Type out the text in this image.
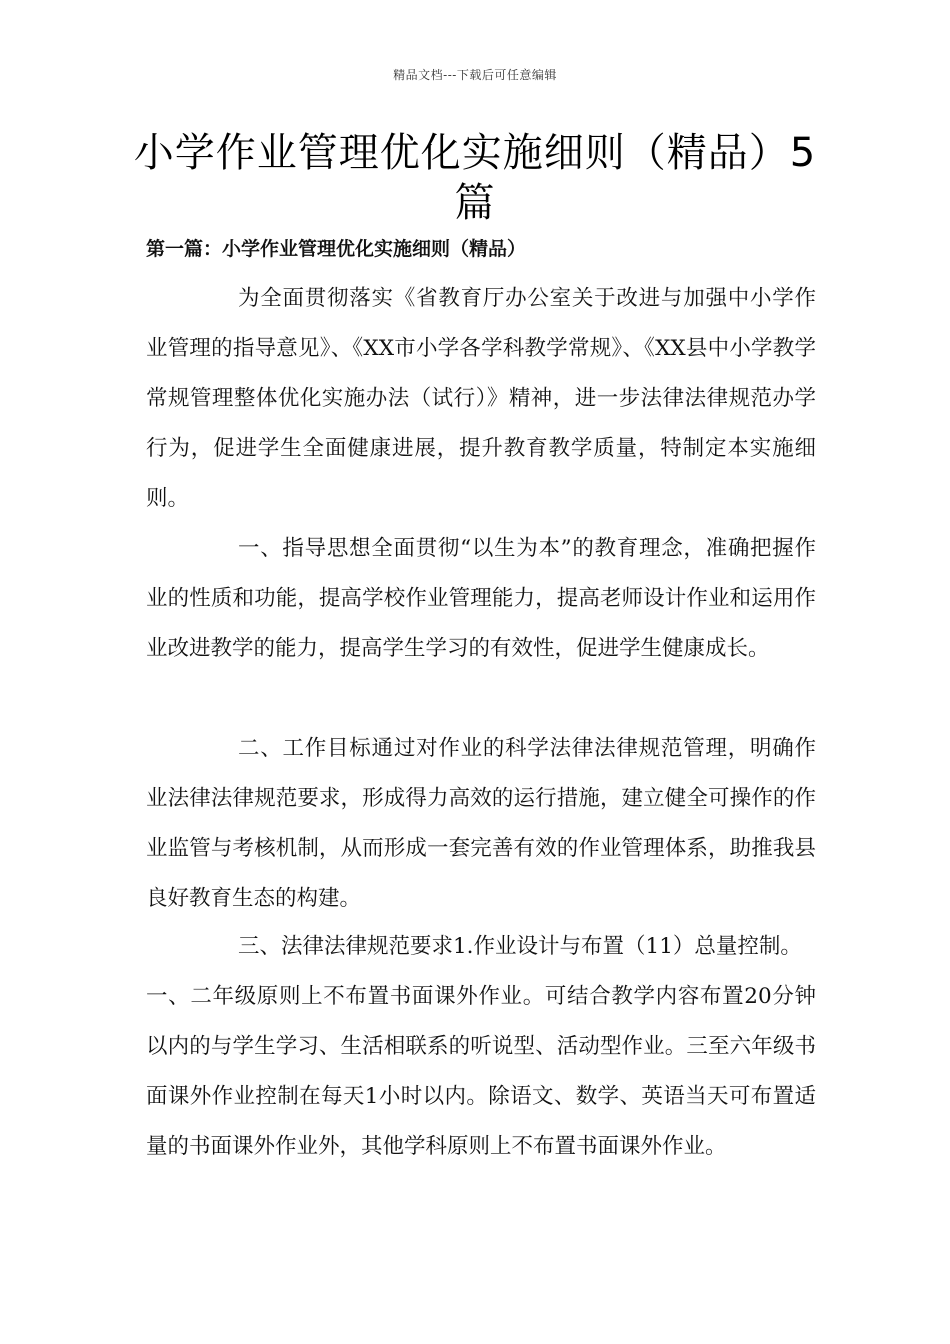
精品文档---下载后可任意编辑
小学作业管理优化实施细则（精品）5篇
第一篇：小学作业管理优化实施细则（精品）

为全面贯彻落实《省教育厅办公室关于改进与加强中小学作业管理的指导意见》、《XX市小学各学科教学常规》、《XX县中小学教学常规管理整体优化实施办法（试行）》精神，进一步法律法律规范办学行为，促进学生全面健康进展，提升教育教学质量，特制定本实施细则。

一、指导思想全面贯彻“以生为本”的教育理念，准确把握作业的性质和功能，提高学校作业管理能力，提高老师设计作业和运用作业改进教学的能力，提高学生学习的有效性，促进学生健康成长。

二、工作目标通过对作业的科学法律法律规范管理，明确作业法律法律规范要求，形成得力高效的运行措施，建立健全可操作的作业监管与考核机制，从而形成一套完善有效的作业管理体系，助推我县良好教育生态的构建。

三、法律法律规范要求1.作业设计与布置（11）总量控制。

一、二年级原则上不布置书面课外作业。可结合教学内容布置20分钟以内的与学生学习、生活相联系的听说型、活动型作业。三至六年级书面课外作业控制在每天1小时以内。除语文、数学、英语当天可布置适量的书面课外作业外，其他学科原则上不布置书面课外作业。
